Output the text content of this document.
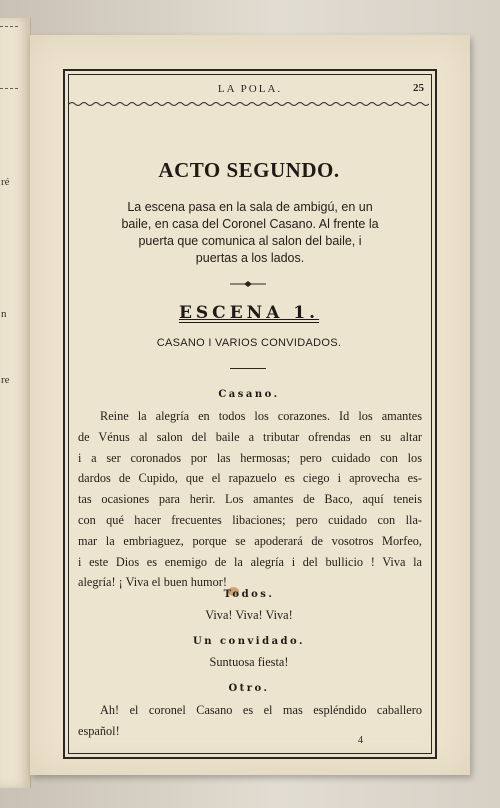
ré
n
re
LA POLA.	25
ACTO SEGUNDO.
La escena pasa en la sala de ambigú, en un
baile, en casa del Coronel Casano. Al frente la
puerta que comunica al salon del baile, i
puertas a los lados.
ESCENA 1.
CASANO I VARIOS CONVIDADOS.
Casano.
Reine la alegría en todos los corazones. Id los amantes
de Vénus al salon del baile a tributar ofrendas en su altar
i a ser coronados por las hermosas; pero cuidado con los
dardos de Cupido, que el rapazuelo es ciego i aprovecha es-
tas ocasiones para herir. Los amantes de Baco, aquí teneis
con qué hacer frecuentes libaciones; pero cuidado con lla-
mar la embriaguez, porque se apoderará de vosotros Morfeo,
i este Dios es enemigo de la alegría i del bullicio ! Viva la
alegría! ¡ Viva el buen humor!
Todos.
Viva! Viva! Viva!
Un convidado.
Suntuosa fiesta!
Otro.
Ah! el coronel Casano es el mas espléndido caballero
español!
4
